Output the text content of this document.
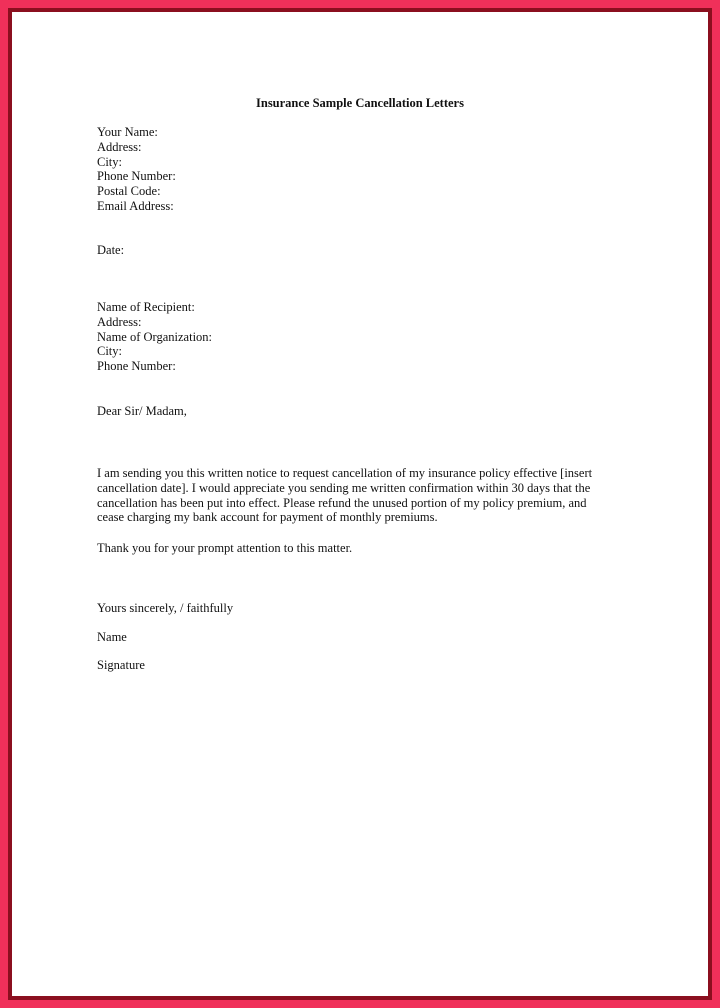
Insurance Sample Cancellation Letters
Your Name:
Address:
City:
Phone Number:
Postal Code:
Email Address:
Date:
Name of Recipient:
Address:
Name of Organization:
City:
Phone Number:
Dear Sir/ Madam,
I am sending you this written notice to request cancellation of my insurance policy effective [insert
cancellation date]. I would appreciate you sending me written confirmation within 30 days that the
cancellation has been put into effect. Please refund the unused portion of my policy premium, and
cease charging my bank account for payment of monthly premiums.
Thank you for your prompt attention to this matter.
Yours sincerely, / faithfully
Name
Signature
